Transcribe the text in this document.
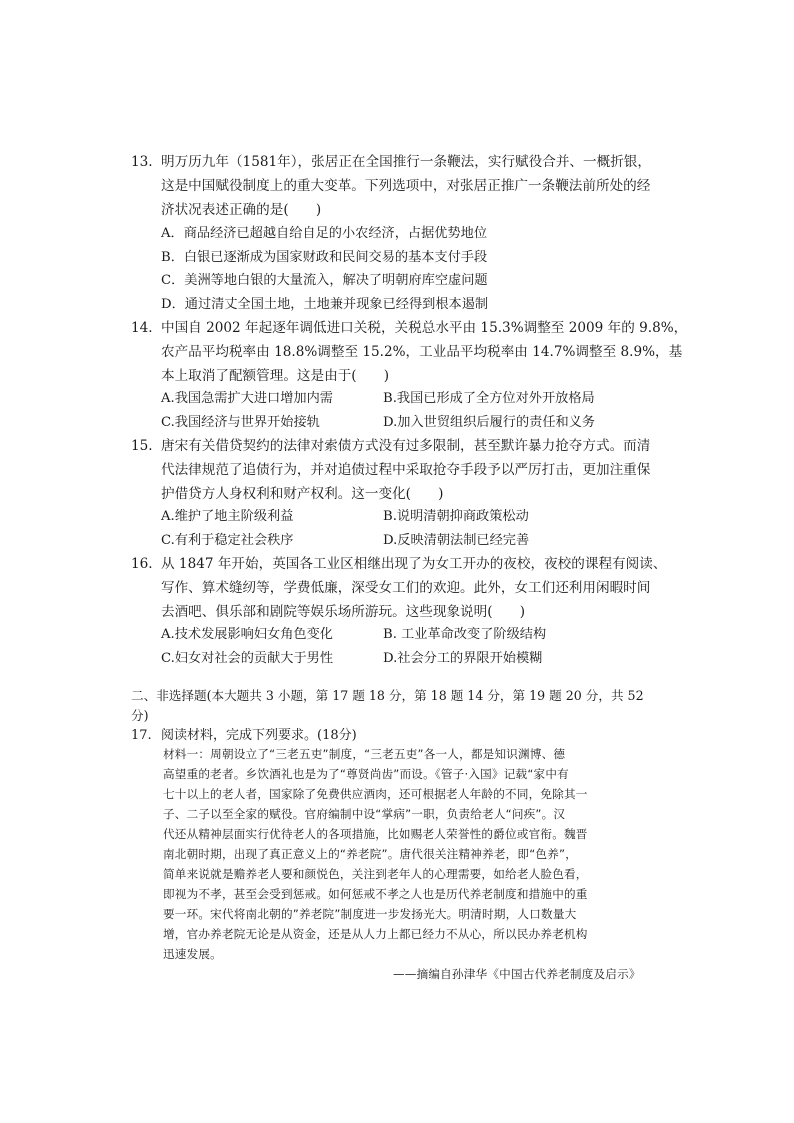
13. 明万历九年（1581年），张居正在全国推行一条鞭法，实行赋役合并、一概折银，
这是中国赋役制度上的重大变革。下列选项中，对张居正推广一条鞭法前所处的经
济状况表述正确的是(　　)
A．商品经济已超越自给自足的小农经济，占据优势地位
B．白银已逐渐成为国家财政和民间交易的基本支付手段
C．美洲等地白银的大量流入，解决了明朝府库空虚问题
D．通过清丈全国土地，土地兼并现象已经得到根本遏制
14. 中国自 2002 年起逐年调低进口关税，关税总水平由 15.3%调整至 2009 年的 9.8%，
农产品平均税率由 18.8%调整至 15.2%，工业品平均税率由 14.7%调整至 8.9%，基
本上取消了配额管理。这是由于(　　)
A.我国急需扩大进口增加内需	B.我国已形成了全方位对外开放格局
C.我国经济与世界开始接轨	D.加入世贸组织后履行的责任和义务
15. 唐宋有关借贷契约的法律对索债方式没有过多限制，甚至默许暴力抢夺方式。而清
代法律规范了追债行为，并对追债过程中采取抢夺手段予以严厉打击，更加注重保
护借贷方人身权利和财产权利。这一变化(　　)
A.维护了地主阶级利益	B.说明清朝抑商政策松动
C.有利于稳定社会秩序	D.反映清朝法制已经完善
16. 从 1847 年开始，英国各工业区相继出现了为女工开办的夜校，夜校的课程有阅读、
写作、算术缝纫等，学费低廉，深受女工们的欢迎。此外，女工们还利用闲暇时间
去酒吧、俱乐部和剧院等娱乐场所游玩。这些现象说明(　　)
A.技术发展影响妇女角色变化	B. 工业革命改变了阶级结构
C.妇女对社会的贡献大于男性	D.社会分工的界限开始模糊
二、非选择题(本大题共 3 小题，第 17 题 18 分，第 18 题 14 分，第 19 题 20 分，共 52
分)
17. 阅读材料，完成下列要求。(18分)
材料一：周朝设立了“三老五吏”制度，“三老五吏”各一人，都是知识渊博、德
高望重的老者。乡饮酒礼也是为了“尊贤尚齿”而设。《管子·入国》记载“家中有
七十以上的老人者，国家除了免费供应酒肉，还可根据老人年龄的不同，免除其一
子、二子以至全家的赋役。官府编制中设“掌病”一职，负责给老人“问疾”。汉
代还从精神层面实行优待老人的各项措施，比如赐老人荣誉性的爵位或官衔。魏晋
南北朝时期，出现了真正意义上的“养老院”。唐代很关注精神养老，即“色养”，
简单来说就是赡养老人要和颜悦色，关注到老年人的心理需要，如给老人脸色看，
即视为不孝，甚至会受到惩戒。如何惩戒不孝之人也是历代养老制度和措施中的重
要一环。宋代将南北朝的”养老院”制度进一步发扬光大。明清时期，人口数量大
增，官办养老院无论是从资金，还是从人力上都已经力不从心，所以民办养老机构
迅速发展。
——摘编自孙津华《中国古代养老制度及启示》
